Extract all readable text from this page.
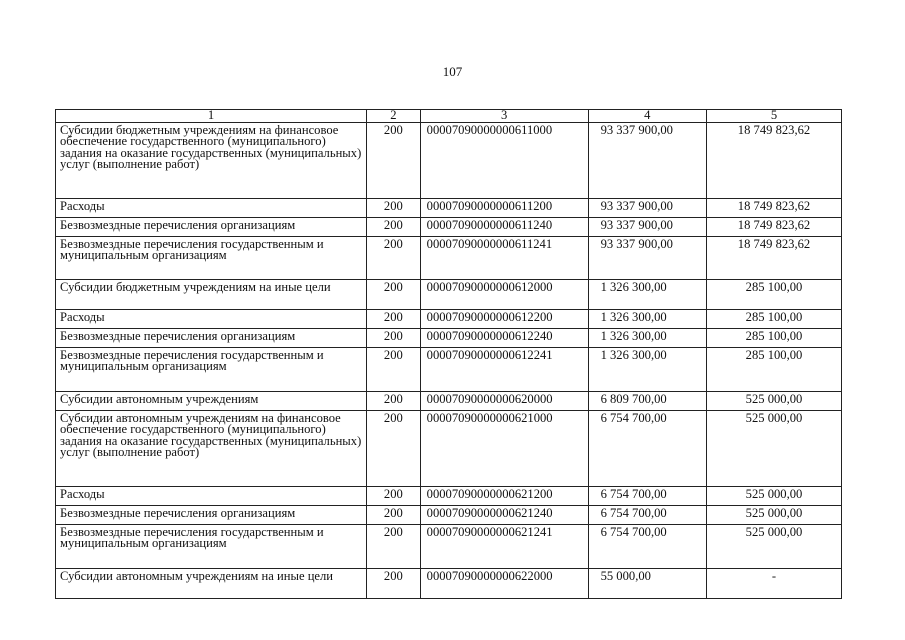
107
1	2	3	4	5
Субсидии бюджетным учреждениям на финансовое обеспечение государственного (муниципального) задания на оказание государственных (муниципальных) услуг (выполнение работ)	200	00007090000000611000	93 337 900,00	18 749 823,62
Расходы	200	00007090000000611200	93 337 900,00	18 749 823,62
Безвозмездные перечисления организациям	200	00007090000000611240	93 337 900,00	18 749 823,62
Безвозмездные перечисления государственным и муниципальным организациям	200	00007090000000611241	93 337 900,00	18 749 823,62
Субсидии бюджетным учреждениям на иные цели	200	00007090000000612000	1 326 300,00	285 100,00
Расходы	200	00007090000000612200	1 326 300,00	285 100,00
Безвозмездные перечисления организациям	200	00007090000000612240	1 326 300,00	285 100,00
Безвозмездные перечисления государственным и муниципальным организациям	200	00007090000000612241	1 326 300,00	285 100,00
Субсидии автономным учреждениям	200	00007090000000620000	6 809 700,00	525 000,00
Субсидии автономным учреждениям на финансовое обеспечение государственного (муниципального) задания на оказание государственных (муниципальных) услуг (выполнение работ)	200	00007090000000621000	6 754 700,00	525 000,00
Расходы	200	00007090000000621200	6 754 700,00	525 000,00
Безвозмездные перечисления организациям	200	00007090000000621240	6 754 700,00	525 000,00
Безвозмездные перечисления государственным и муниципальным организациям	200	00007090000000621241	6 754 700,00	525 000,00
Субсидии автономным учреждениям на иные цели	200	00007090000000622000	55 000,00	-
